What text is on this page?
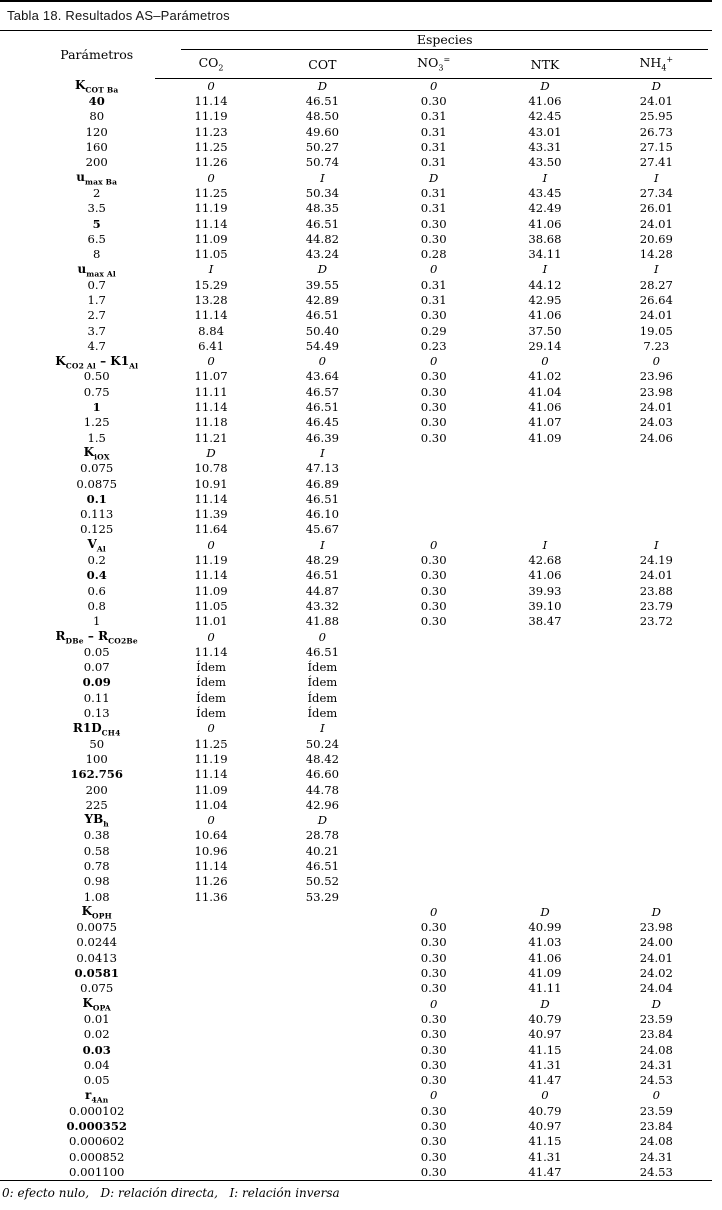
Tabla 18. Resultados AS–Parámetros
Parámetros	Especies				

	$CO_2$	COT	$NO_3^=$	NTK	$NH_4^+$
$K_{COT Ba}$	0	D	0	D	D
40	11.14	46.51	0.30	41.06	24.01
80	11.19	48.50	0.31	42.45	25.95
120	11.23	49.60	0.31	43.01	26.73
160	11.25	50.27	0.31	43.31	27.15
200	11.26	50.74	0.31	43.50	27.41
$u_{max Ba}$	0	I	D	I	I
2	11.25	50.34	0.31	43.45	27.34
3.5	11.19	48.35	0.31	42.49	26.01
5	11.14	46.51	0.30	41.06	24.01
6.5	11.09	44.82	0.30	38.68	20.69
8	11.05	43.24	0.28	34.11	14.28
$u_{max Al}$	I	D	0	I	I
0.7	15.29	39.55	0.31	44.12	28.27
1.7	13.28	42.89	0.31	42.95	26.64
2.7	11.14	46.51	0.30	41.06	24.01
3.7	8.84	50.40	0.29	37.50	19.05
4.7	6.41	54.49	0.23	29.14	7.23
$K_{CO2 Al} - K1_{Al}$	0	0	0	0	0
0.50	11.07	43.64	0.30	41.02	23.96
0.75	11.11	46.57	0.30	41.04	23.98
1	11.14	46.51	0.30	41.06	24.01
1.25	11.18	46.45	0.30	41.07	24.03
1.5	11.21	46.39	0.30	41.09	24.06
$K_{iOX}$	D	I			
0.075	10.78	47.13			
0.0875	10.91	46.89			
0.1	11.14	46.51			
0.113	11.39	46.10			
0.125	11.64	45.67			
$V_{Al}$	0	I	0	I	I
0.2	11.19	48.29	0.30	42.68	24.19
0.4	11.14	46.51	0.30	41.06	24.01
0.6	11.09	44.87	0.30	39.93	23.88
0.8	11.05	43.32	0.30	39.10	23.79
1	11.01	41.88	0.30	38.47	23.72
$R_{DBe} - R_{CO2Be}$	0	0			
0.05	11.14	46.51			
0.07	Ídem	Ídem			
0.09	Ídem	Ídem			
0.11	Ídem	Ídem			
0.13	Ídem	Ídem			
$R1D_{CH4}$	0	I			
50	11.25	50.24			
100	11.19	48.42			
162.756	11.14	46.60			
200	11.09	44.78			
225	11.04	42.96			
$YB_h$	0	D			
0.38	10.64	28.78			
0.58	10.96	40.21			
0.78	11.14	46.51			
0.98	11.26	50.52			
1.08	11.36	53.29			
$K_{OPH}$			0	D	D
0.0075			0.30	40.99	23.98
0.0244			0.30	41.03	24.00
0.0413			0.30	41.06	24.01
0.0581			0.30	41.09	24.02
0.075			0.30	41.11	24.04
$K_{OPA}$			0	D	D
0.01			0.30	40.79	23.59
0.02			0.30	40.97	23.84
0.03			0.30	41.15	24.08
0.04			0.30	41.31	24.31
0.05			0.30	41.47	24.53
$r_{4An}$			0	0	0
0.000102			0.30	40.79	23.59
0.000352			0.30	40.97	23.84
0.000602			0.30	41.15	24.08
0.000852			0.30	41.31	24.31
0.001100			0.30	41.47	24.53
0: efecto nulo,   D: relación directa,   I: relación inversa
